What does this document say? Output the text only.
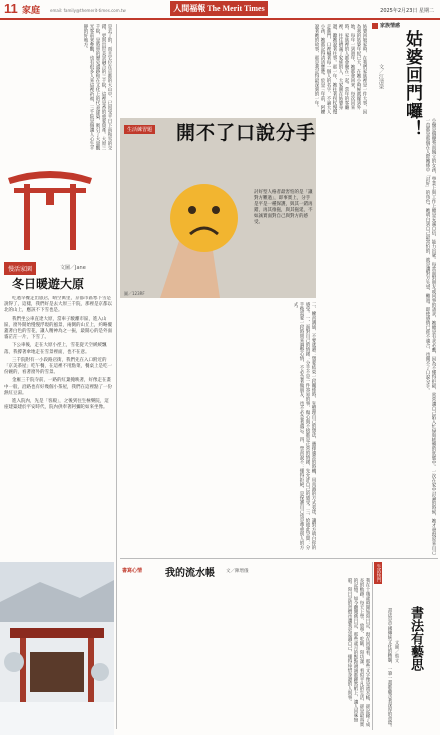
11 家庭 email: family@themerit-times.com.tw	人間福報 The Merit Times	2025年2月23日 星期二
是去了的，而且它位在京都的大山中，已因受平日下雨和雪的交錯，更與出世美景融合的三千院，這裡是香的重要資產。大原三千院，是將軍的歷史遺跡和在文化上的代表建築，吸引了大量觀光客前來參觀，也有很多人來這裡祈福，三千院是個讓人心生平靜的好地方。
慢活家園	文圖／Jane
冬日暖遊大原

吃過早餐走出旅店，晴空萬里，京都市區寒下雪是說得了，這樣，我們好是去大原三千院，那裡是京都以北的山上，應該不下雪也是。

我們坐公車直達大原，當車子駛離市區，進入山區，窗外開始慢慢浮現的風景，兩側的山丘上，約略覆蓋著白色的雪花，讓人精神為之一振，最開心的是外面霧茫茫一片，下雪了。

下公車後，走在大原小徑上，雪花從天空緩緩飄落，我撐著傘地走在雪景裡面，也不在意。

三千院附有一小段路店街，我們先在入口附近的「京美茶屋」吃午餐，在這裡不用點菜，餐桌上是吃一份碗的，看著窗外的雪景。

金雁三千院寺前，一路的紅葉掩映著，好像走在畫中一般，沿路也有好幾個小茶屋，我們在這裡點了一份熱紅豆湯。

進入院內，先是「客殿」，之後到往生極樂院，這座建築建於平安時代，院內供奉著阿彌陀如來坐像。

家族情感
姑婆回門囉！
文／江清榮
姑婆回娘家時，在我們家族裡是一件大事，因為我的姑婆年紀已大，在她小時候就嫁到外地，每年一到過年，她都會回來，每次回來時，家族裡的人都會聚在一起。當年的客廳裡，往往擠滿了家族的人，大家圍在姑婆身邊，聽她說著往事。那一年，她拄著拐杖慢慢走進門，口裡喊著每一個人的名字，不論大人小孩，她都記得清清楚楚。於是三年前，阿嬤說著她的故事，那是我記得最深刻的一年。
生活練習題 開不了口說分手
討好型人格者最害怕的是「讓對方難過」，即事實上，分手是平是一種保護，與其一錯再錯，再其推拖，與其拖延，不如誠實面對自己與對方的感受。
圖／123RF	小優是個優秀而獨立的女孩，學業上與工作上總是充滿自信、能力出眾。每當面對朋友或同事的請求，她總是有求必應，因為不懂得拒絕，常常讓自己陷入忙碌與疲憊的狀態中。一次在家中討論的時候，她才發現原來自己一直都是那個在人際關係中「討好」的角色。她明白到自己最害怕的，就是讓對方失望、難過。即使感情已經不適合，也開不了口說分手。
二、練習溝通，不要逃避：想要結束一段關係時，先整理自己的想法，選擇適當的時機，用真誠的方式表達，讓對方明白你的感受。一、面對自己的情緒：分手不是一件容易的事，傷心與不捨都是正常的情緒，先允許自己的感受。三、給彼此空間：分手後需要一段時間來調整心情，不必急著做朋友，也不必急著遺忘。四、學習說不：懂得拒絕，是保護自己也是尊重別人的方式。
書寫心情 我的流水帳 文／陳增儀
我在十幾歲時開始寫日記，現在回頭看，那些文字像是流水帳，卻記錄了成長的軌跡。每天上學、放學、吃飯、寫功課，看似平凡的生活，卻是最真實的記憶。如今翻閱舊日記，那些歲月的點點滴滴都躍然紙上，讓人回味無窮。寫日記的習慣也讓我更認識自己，懂得珍惜身邊的人與事。
生活快門
書法有藝思
文圖／蔡文
書法是中國傳統文化的精髓，一筆一畫都蘊含著深厚的意境。
